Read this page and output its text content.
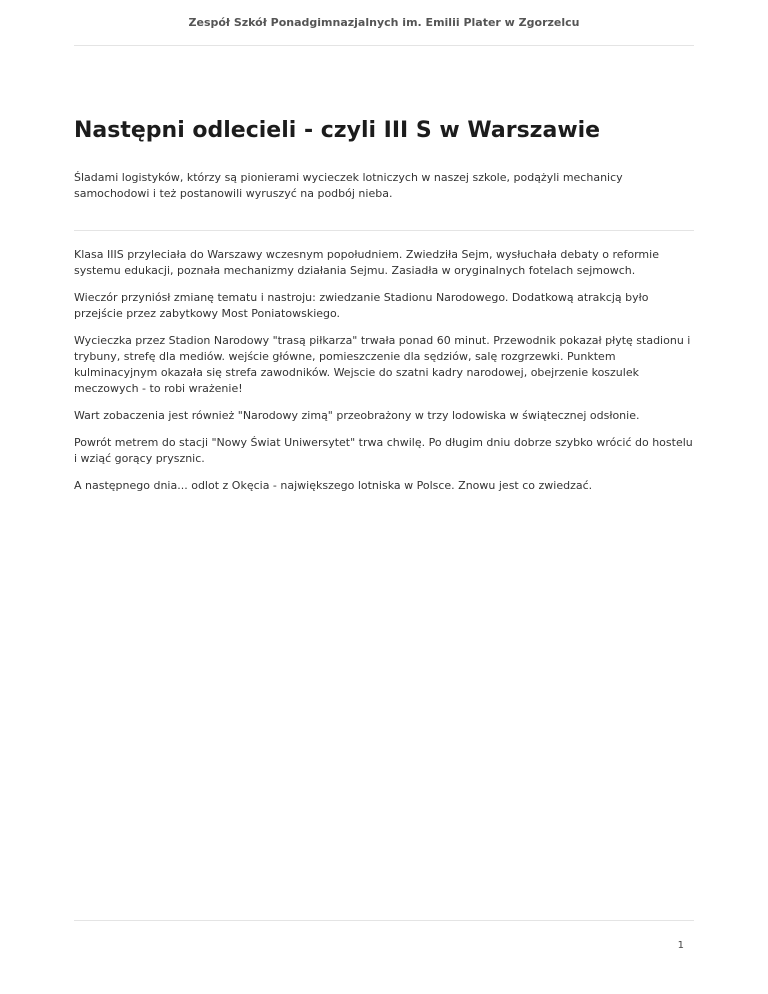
Zespół Szkół Ponadgimnazjalnych im. Emilii Plater w Zgorzelcu
Następni odlecieli - czyli III S w Warszawie

Śladami logistyków, którzy są pionierami wycieczek lotniczych w naszej szkole, podążyli mechanicy samochodowi i też postanowili wyruszyć na podbój nieba.

Klasa IIIS przyleciała do Warszawy wczesnym popołudniem. Zwiedziła Sejm, wysłuchała debaty o reformie systemu edukacji, poznała mechanizmy działania Sejmu. Zasiadła w oryginalnych fotelach sejmowch.

Wieczór przyniósł zmianę tematu i nastroju: zwiedzanie Stadionu Narodowego. Dodatkową atrakcją było przejście przez zabytkowy Most Poniatowskiego.

Wycieczka przez Stadion Narodowy "trasą piłkarza" trwała ponad 60 minut. Przewodnik pokazał płytę stadionu i trybuny, strefę dla mediów. wejście główne, pomieszczenie dla sędziów, salę rozgrzewki. Punktem kulminacyjnym okazała się strefa zawodników. Wejscie do szatni kadry narodowej, obejrzenie koszulek meczowych - to robi wrażenie!

Wart zobaczenia jest również "Narodowy zimą" przeobrażony w trzy lodowiska w świątecznej odsłonie.

Powrót metrem do stacji "Nowy Świat Uniwersytet" trwa chwilę. Po długim dniu dobrze szybko wrócić do hostelu i wziąć gorący prysznic.

A następnego dnia... odlot z Okęcia - największego lotniska w Polsce. Znowu jest co zwiedzać.

1
